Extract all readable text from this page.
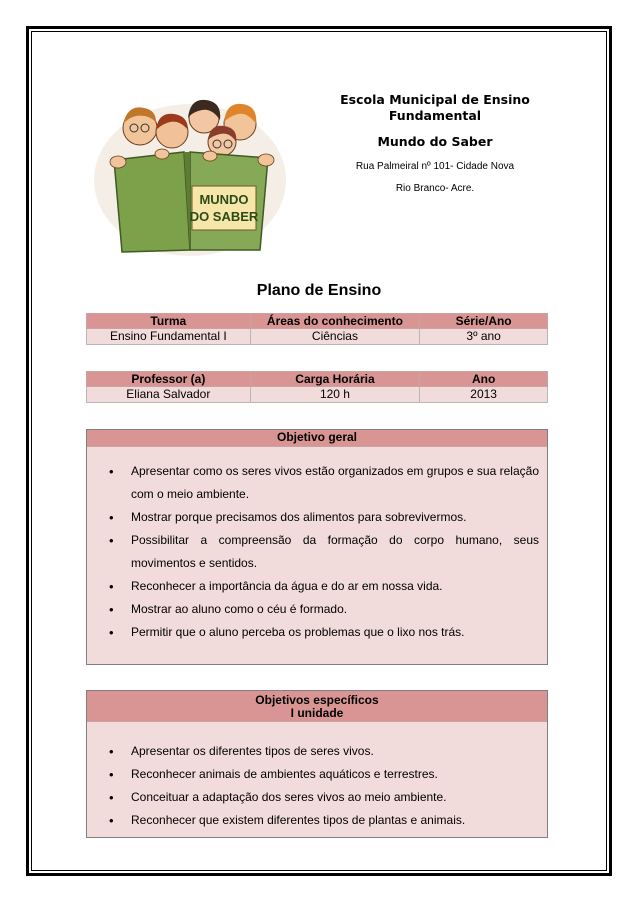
MUNDO
DO SABER

Escola Municipal de Ensino Fundamental

Mundo do Saber

Rua Palmeiral nº 101- Cidade Nova

Rio Branco- Acre.

Plano de Ensino
Turma	Áreas do conhecimento	Série/Ano
Ensino Fundamental I	Ciências	3º ano
Professor (a)	Carga Horária	Ano
Eliana Salvador	120 h	2013
Objetivo geral
• Apresentar como os seres vivos estão organizados em grupos e sua relação com o meio ambiente.
• Mostrar porque precisamos dos alimentos para sobrevivermos.
• Possibilitar a compreensão da formação do corpo humano, seus movimentos e sentidos.
• Reconhecer a importância da água e do ar em nossa vida.
• Mostrar ao aluno como o céu é formado.
• Permitir que o aluno perceba os problemas que o lixo nos trás.
Objetivos específicos
I unidade
• Apresentar os diferentes tipos de seres vivos.
• Reconhecer animais de ambientes aquáticos e terrestres.
• Conceituar a adaptação dos seres vivos ao meio ambiente.
• Reconhecer que existem diferentes tipos de plantas e animais.
